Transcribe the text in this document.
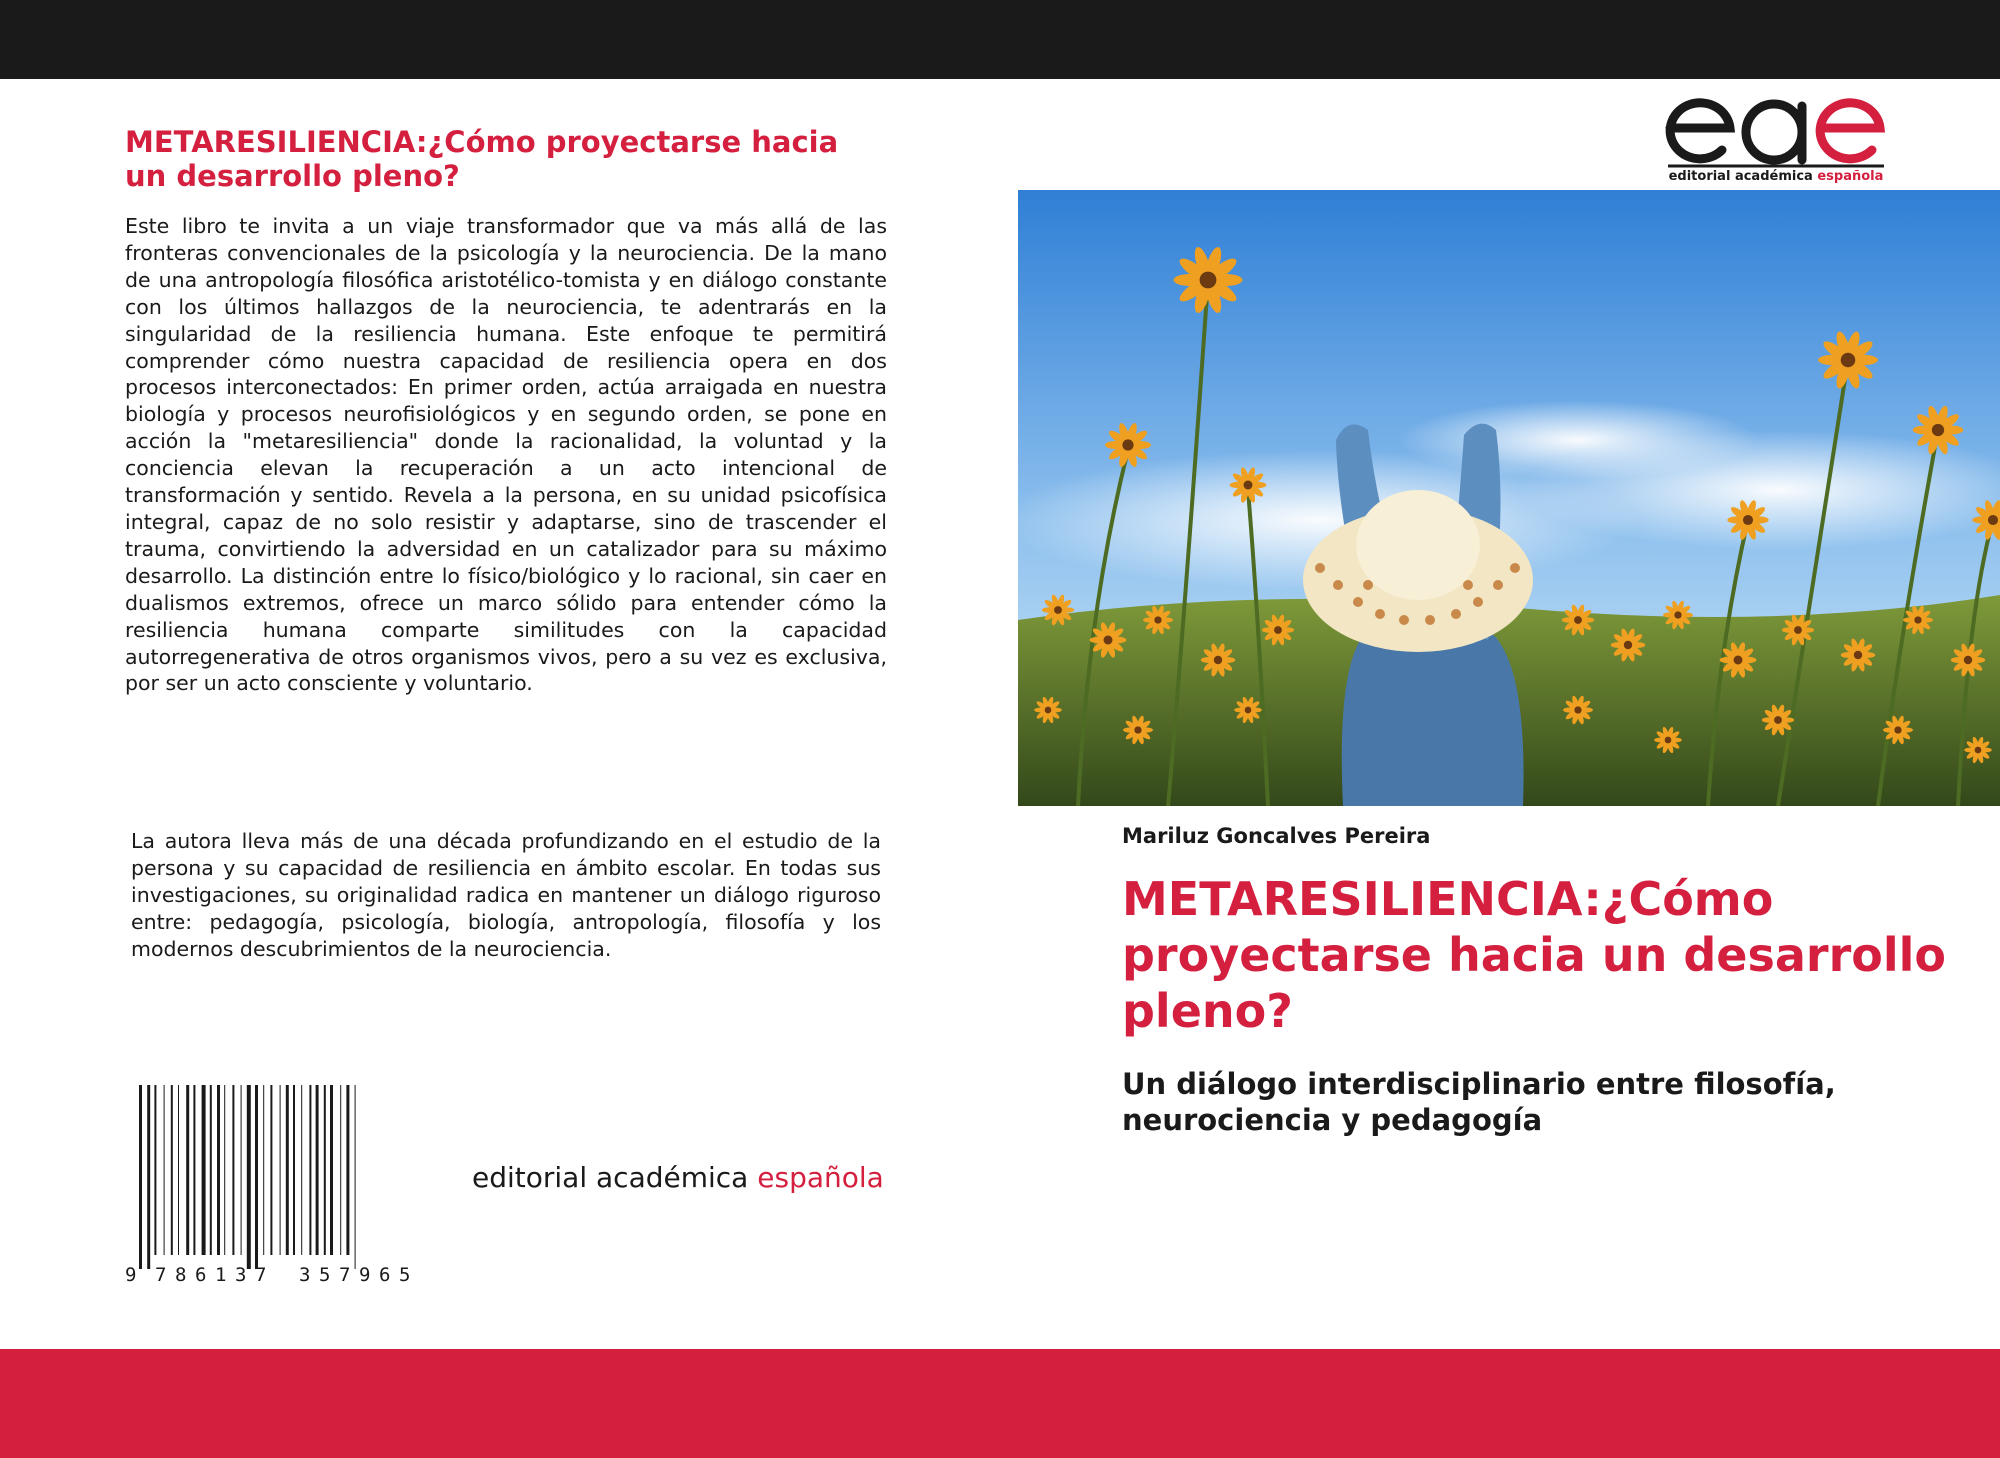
METARESILIENCIA:¿Cómo proyectarse hacia un desarrollo pleno?

Este libro te invita a un viaje transformador que va más allá de las fronteras convencionales de la psicología y la neurociencia. De la mano de una antropología filosófica aristotélico-tomista y en diálogo constante con los últimos hallazgos de la neurociencia, te adentrarás en la singularidad de la resiliencia humana. Este enfoque te permitirá comprender cómo nuestra capacidad de resiliencia opera en dos procesos interconectados: En primer orden, actúa arraigada en nuestra biología y procesos neurofisiológicos y en segundo orden, se pone en acción la "metaresiliencia" donde la racionalidad, la voluntad y la conciencia elevan la recuperación a un acto intencional de transformación y sentido. Revela a la persona, en su unidad psicofísica integral, capaz de no solo resistir y adaptarse, sino de trascender el trauma, convirtiendo la adversidad en un catalizador para su máximo desarrollo. La distinción entre lo físico/biológico y lo racional, sin caer en dualismos extremos, ofrece un marco sólido para entender cómo la resiliencia humana comparte similitudes con la capacidad autorregenerativa de otros organismos vivos, pero a su vez es exclusiva, por ser un acto consciente y voluntario.

La autora lleva más de una década profundizando en el estudio de la persona y su capacidad de resiliencia en ámbito escolar. En todas sus investigaciones, su originalidad radica en mantener un diálogo riguroso entre: pedagogía, psicología, biología, antropología, filosofía y los modernos descubrimientos de la neurociencia.

9 7 8 6 1 3 7 3 5 7 9 6 5

editorial académica española

editorial académica española

Mariluz Goncalves Pereira

METARESILIENCIA:¿Cómo proyectarse hacia un desarrollo pleno?
Un diálogo interdisciplinario entre filosofía, neurociencia y pedagogía
